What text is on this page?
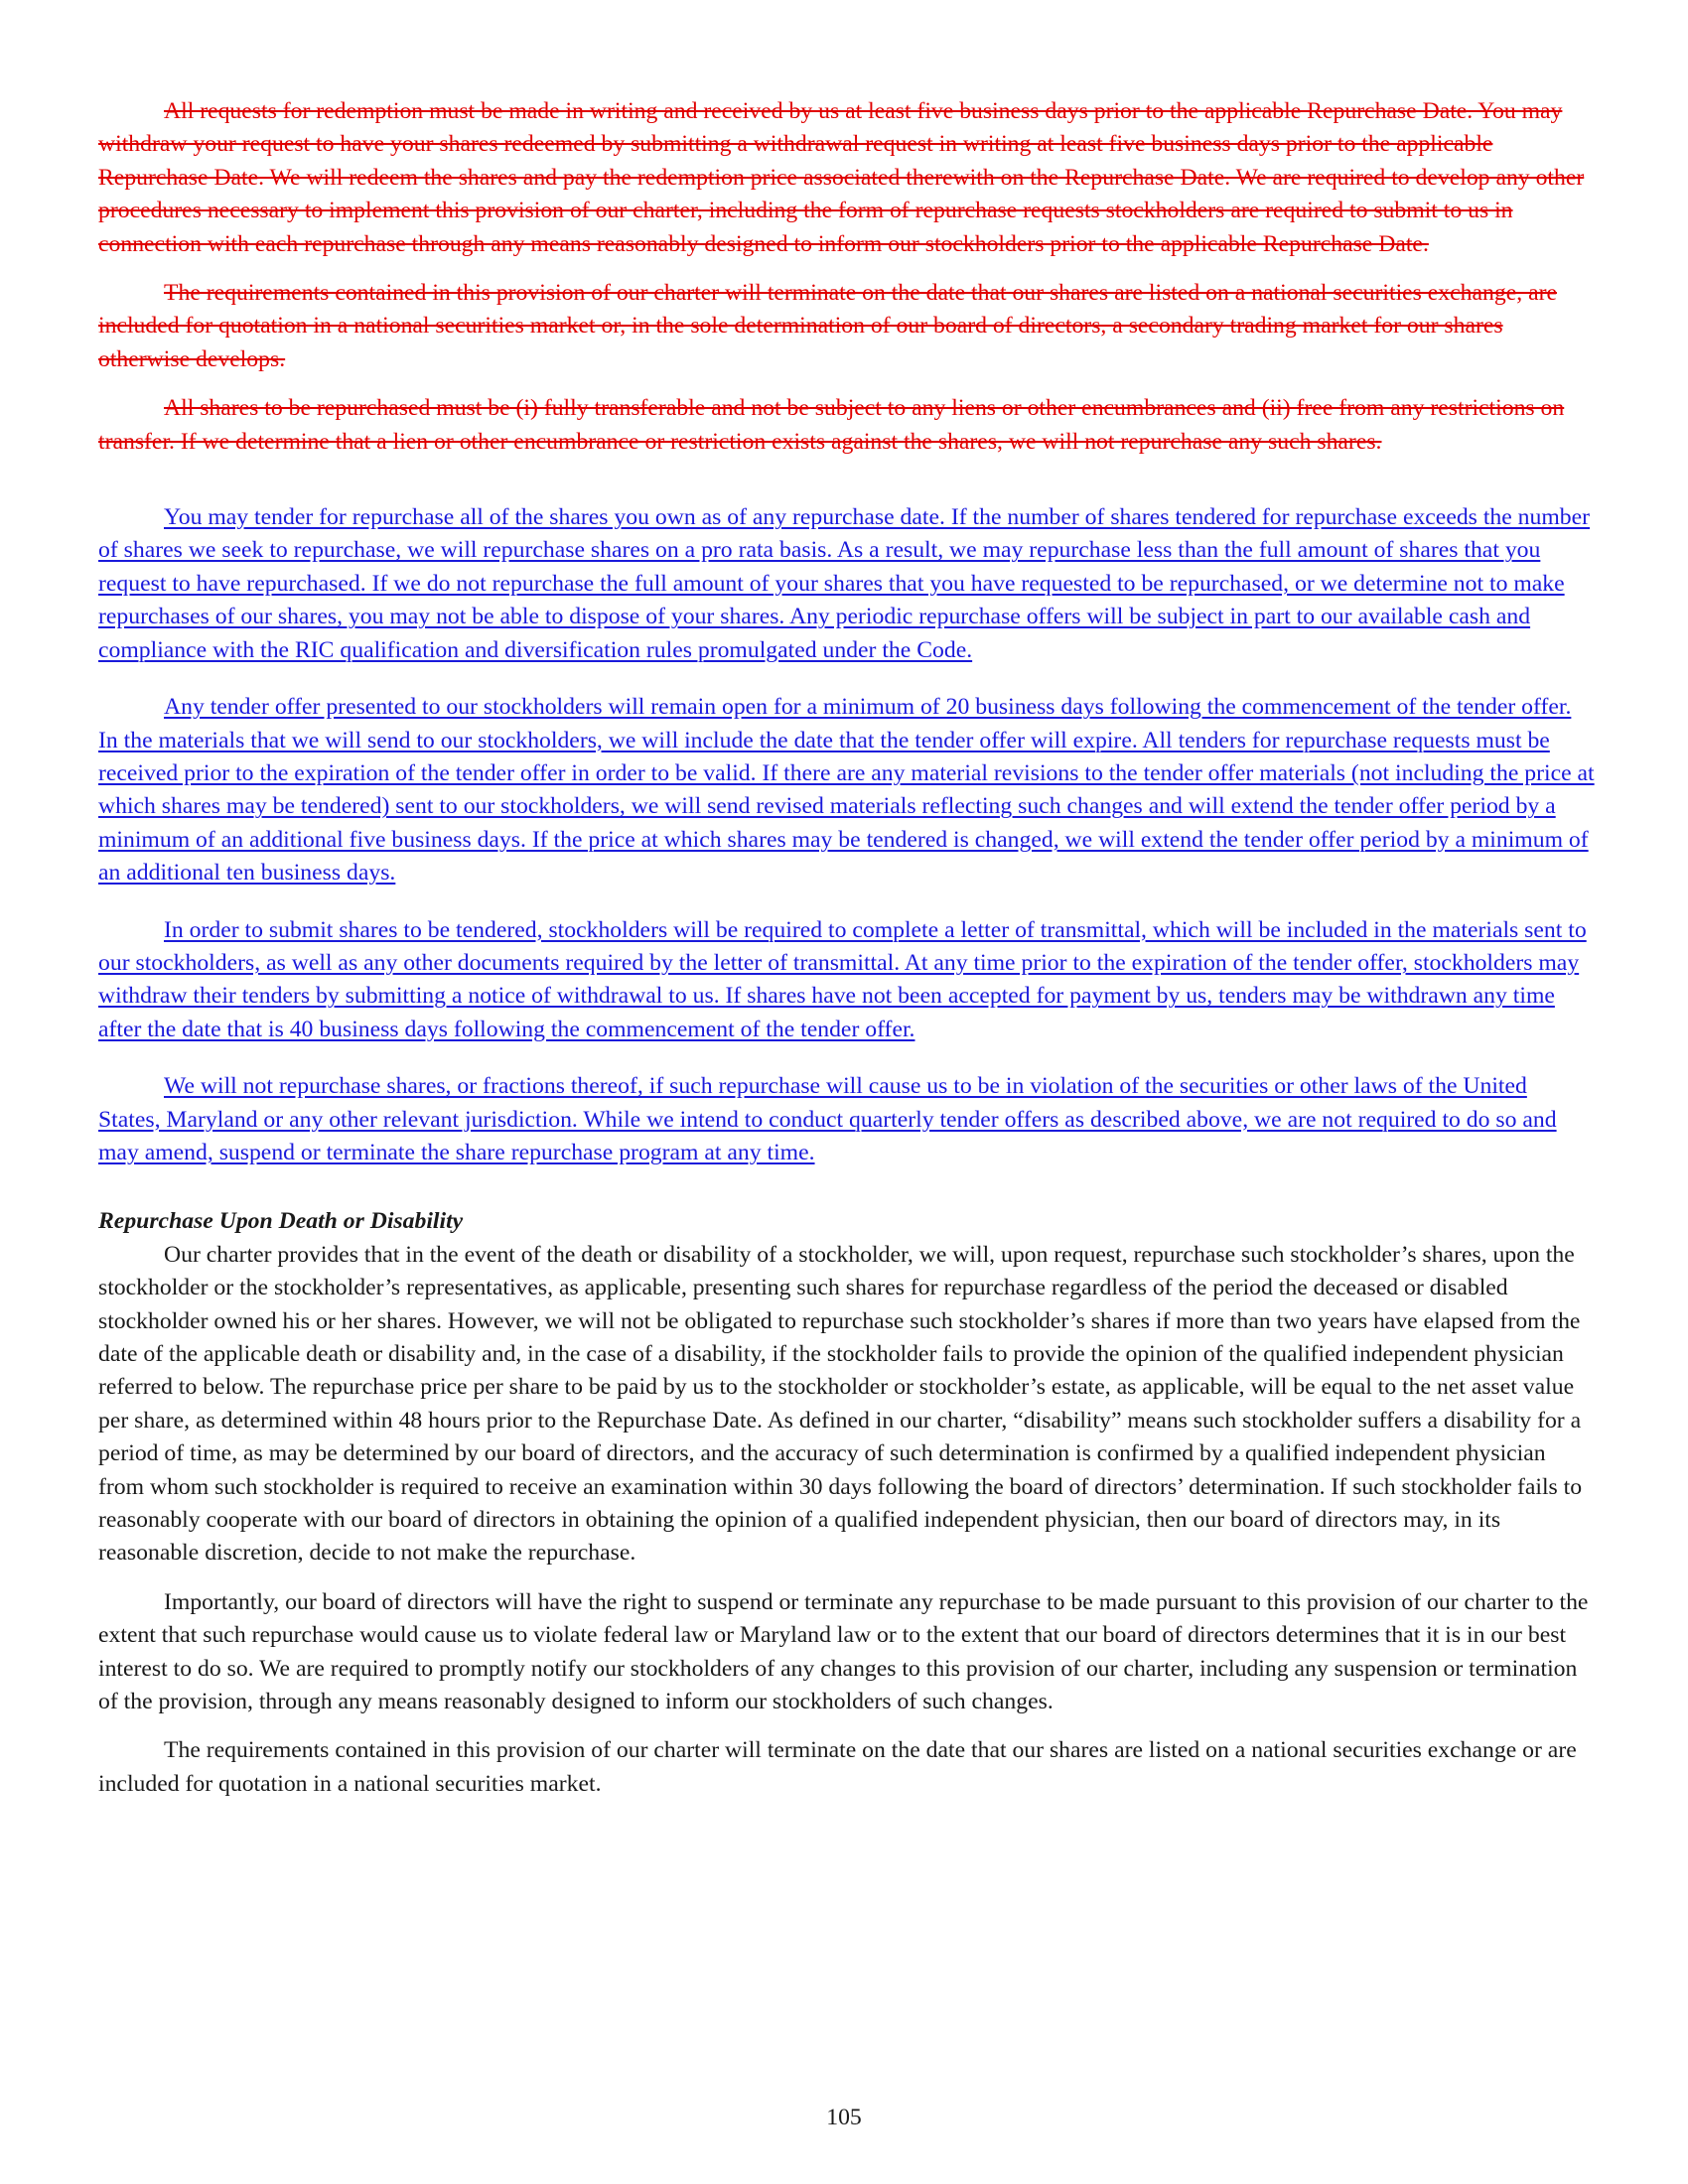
All requests for redemption must be made in writing and received by us at least five business days prior to the applicable Repurchase Date. You may withdraw your request to have your shares redeemed by submitting a withdrawal request in writing at least five business days prior to the applicable Repurchase Date. We will redeem the shares and pay the redemption price associated therewith on the Repurchase Date. We are required to develop any other procedures necessary to implement this provision of our charter, including the form of repurchase requests stockholders are required to submit to us in connection with each repurchase through any means reasonably designed to inform our stockholders prior to the applicable Repurchase Date.

The requirements contained in this provision of our charter will terminate on the date that our shares are listed on a national securities exchange, are included for quotation in a national securities market or, in the sole determination of our board of directors, a secondary trading market for our shares otherwise develops.

All shares to be repurchased must be (i) fully transferable and not be subject to any liens or other encumbrances and (ii) free from any restrictions on transfer. If we determine that a lien or other encumbrance or restriction exists against the shares, we will not repurchase any such shares.

You may tender for repurchase all of the shares you own as of any repurchase date. If the number of shares tendered for repurchase exceeds the number of shares we seek to repurchase, we will repurchase shares on a pro rata basis. As a result, we may repurchase less than the full amount of shares that you request to have repurchased. If we do not repurchase the full amount of your shares that you have requested to be repurchased, or we determine not to make repurchases of our shares, you may not be able to dispose of your shares. Any periodic repurchase offers will be subject in part to our available cash and compliance with the RIC qualification and diversification rules promulgated under the Code.

Any tender offer presented to our stockholders will remain open for a minimum of 20 business days following the commencement of the tender offer. In the materials that we will send to our stockholders, we will include the date that the tender offer will expire. All tenders for repurchase requests must be received prior to the expiration of the tender offer in order to be valid. If there are any material revisions to the tender offer materials (not including the price at which shares may be tendered) sent to our stockholders, we will send revised materials reflecting such changes and will extend the tender offer period by a minimum of an additional five business days. If the price at which shares may be tendered is changed, we will extend the tender offer period by a minimum of an additional ten business days.

In order to submit shares to be tendered, stockholders will be required to complete a letter of transmittal, which will be included in the materials sent to our stockholders, as well as any other documents required by the letter of transmittal. At any time prior to the expiration of the tender offer, stockholders may withdraw their tenders by submitting a notice of withdrawal to us. If shares have not been accepted for payment by us, tenders may be withdrawn any time after the date that is 40 business days following the commencement of the tender offer.

We will not repurchase shares, or fractions thereof, if such repurchase will cause us to be in violation of the securities or other laws of the United States, Maryland or any other relevant jurisdiction. While we intend to conduct quarterly tender offers as described above, we are not required to do so and may amend, suspend or terminate the share repurchase program at any time.

Repurchase Upon Death or Disability

Our charter provides that in the event of the death or disability of a stockholder, we will, upon request, repurchase such stockholder’s shares, upon the stockholder or the stockholder’s representatives, as applicable, presenting such shares for repurchase regardless of the period the deceased or disabled stockholder owned his or her shares. However, we will not be obligated to repurchase such stockholder’s shares if more than two years have elapsed from the date of the applicable death or disability and, in the case of a disability, if the stockholder fails to provide the opinion of the qualified independent physician referred to below. The repurchase price per share to be paid by us to the stockholder or stockholder’s estate, as applicable, will be equal to the net asset value per share, as determined within 48 hours prior to the Repurchase Date. As defined in our charter, “disability” means such stockholder suffers a disability for a period of time, as may be determined by our board of directors, and the accuracy of such determination is confirmed by a qualified independent physician from whom such stockholder is required to receive an examination within 30 days following the board of directors’ determination. If such stockholder fails to reasonably cooperate with our board of directors in obtaining the opinion of a qualified independent physician, then our board of directors may, in its reasonable discretion, decide to not make the repurchase.

Importantly, our board of directors will have the right to suspend or terminate any repurchase to be made pursuant to this provision of our charter to the extent that such repurchase would cause us to violate federal law or Maryland law or to the extent that our board of directors determines that it is in our best interest to do so. We are required to promptly notify our stockholders of any changes to this provision of our charter, including any suspension or termination of the provision, through any means reasonably designed to inform our stockholders of such changes.

The requirements contained in this provision of our charter will terminate on the date that our shares are listed on a national securities exchange or are included for quotation in a national securities market.

105
